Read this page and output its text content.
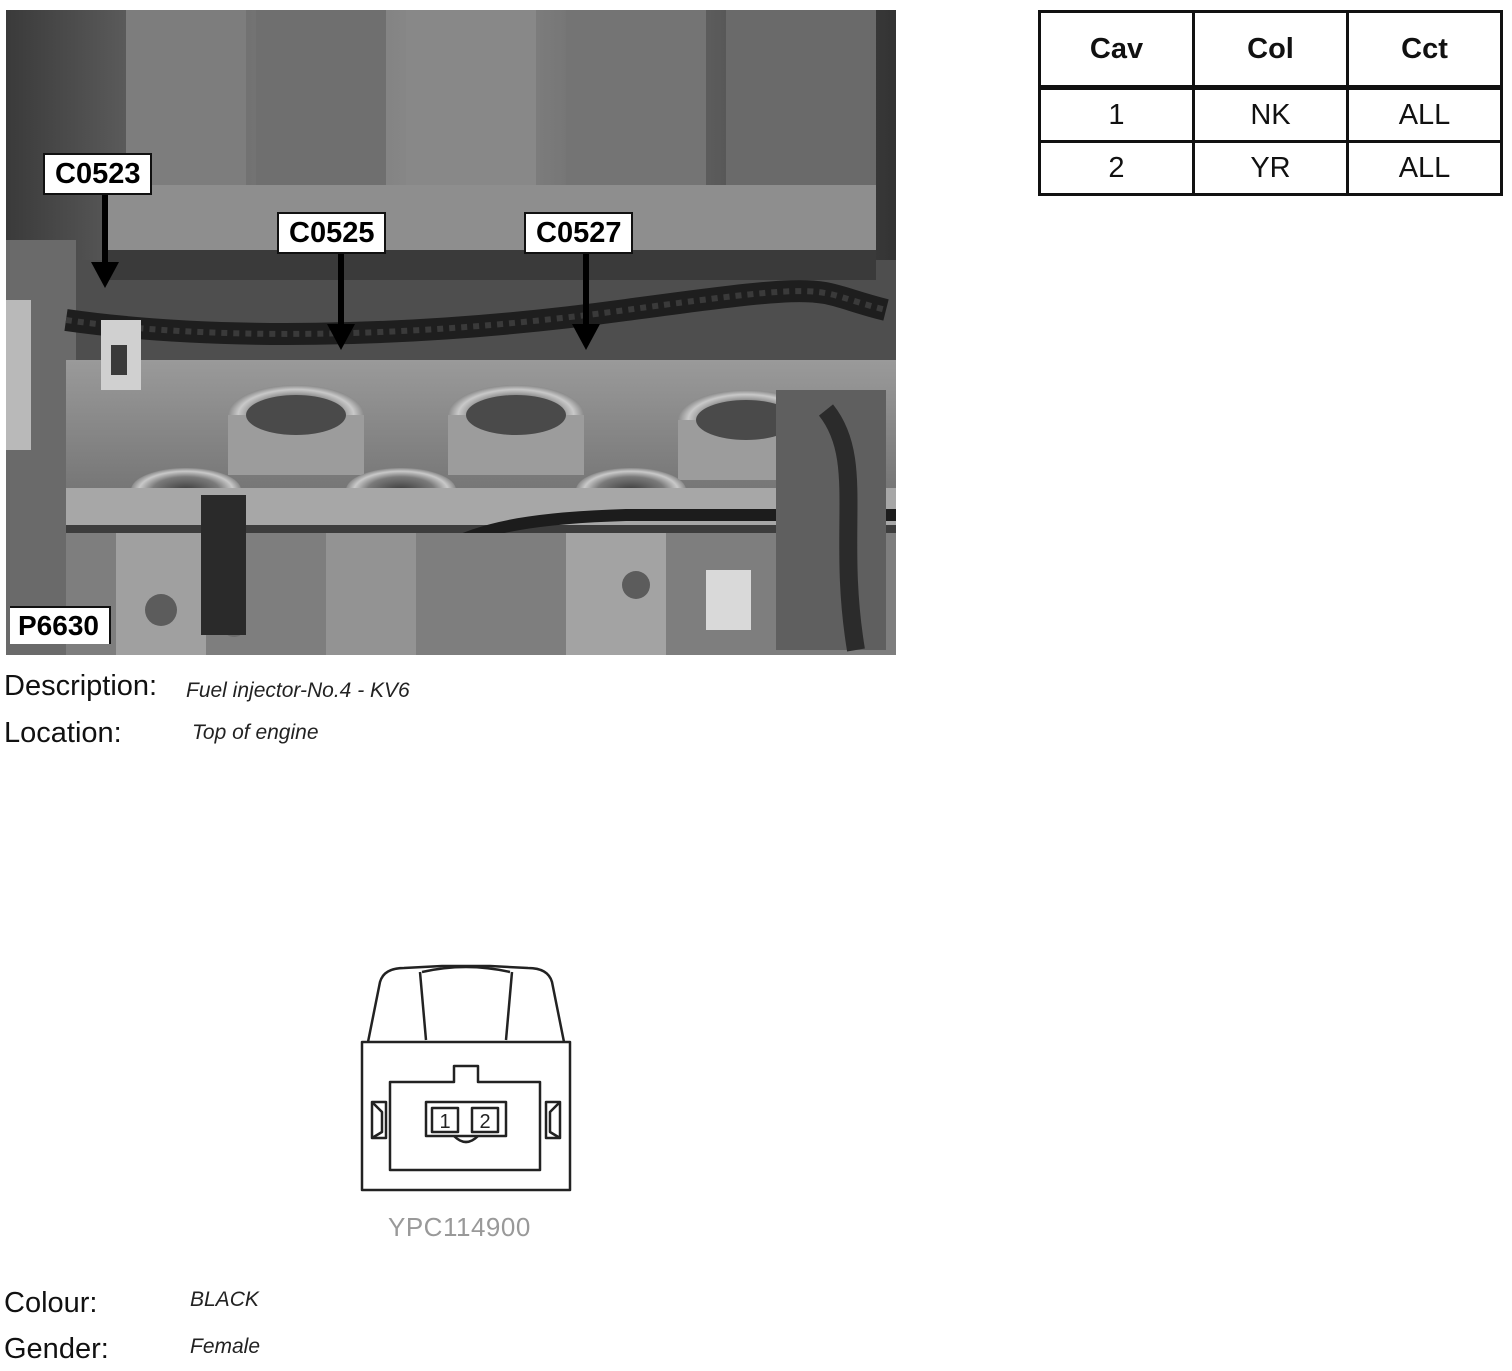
C0523
C0525	C0527
P6630
Cav	Col	Cct
1	NK	ALL
2	YR	ALL
Description: Fuel injector-No.4 - KV6
Location:	Top of engine
1 2
YPC114900
Colour:	BLACK
Gender:	Female
